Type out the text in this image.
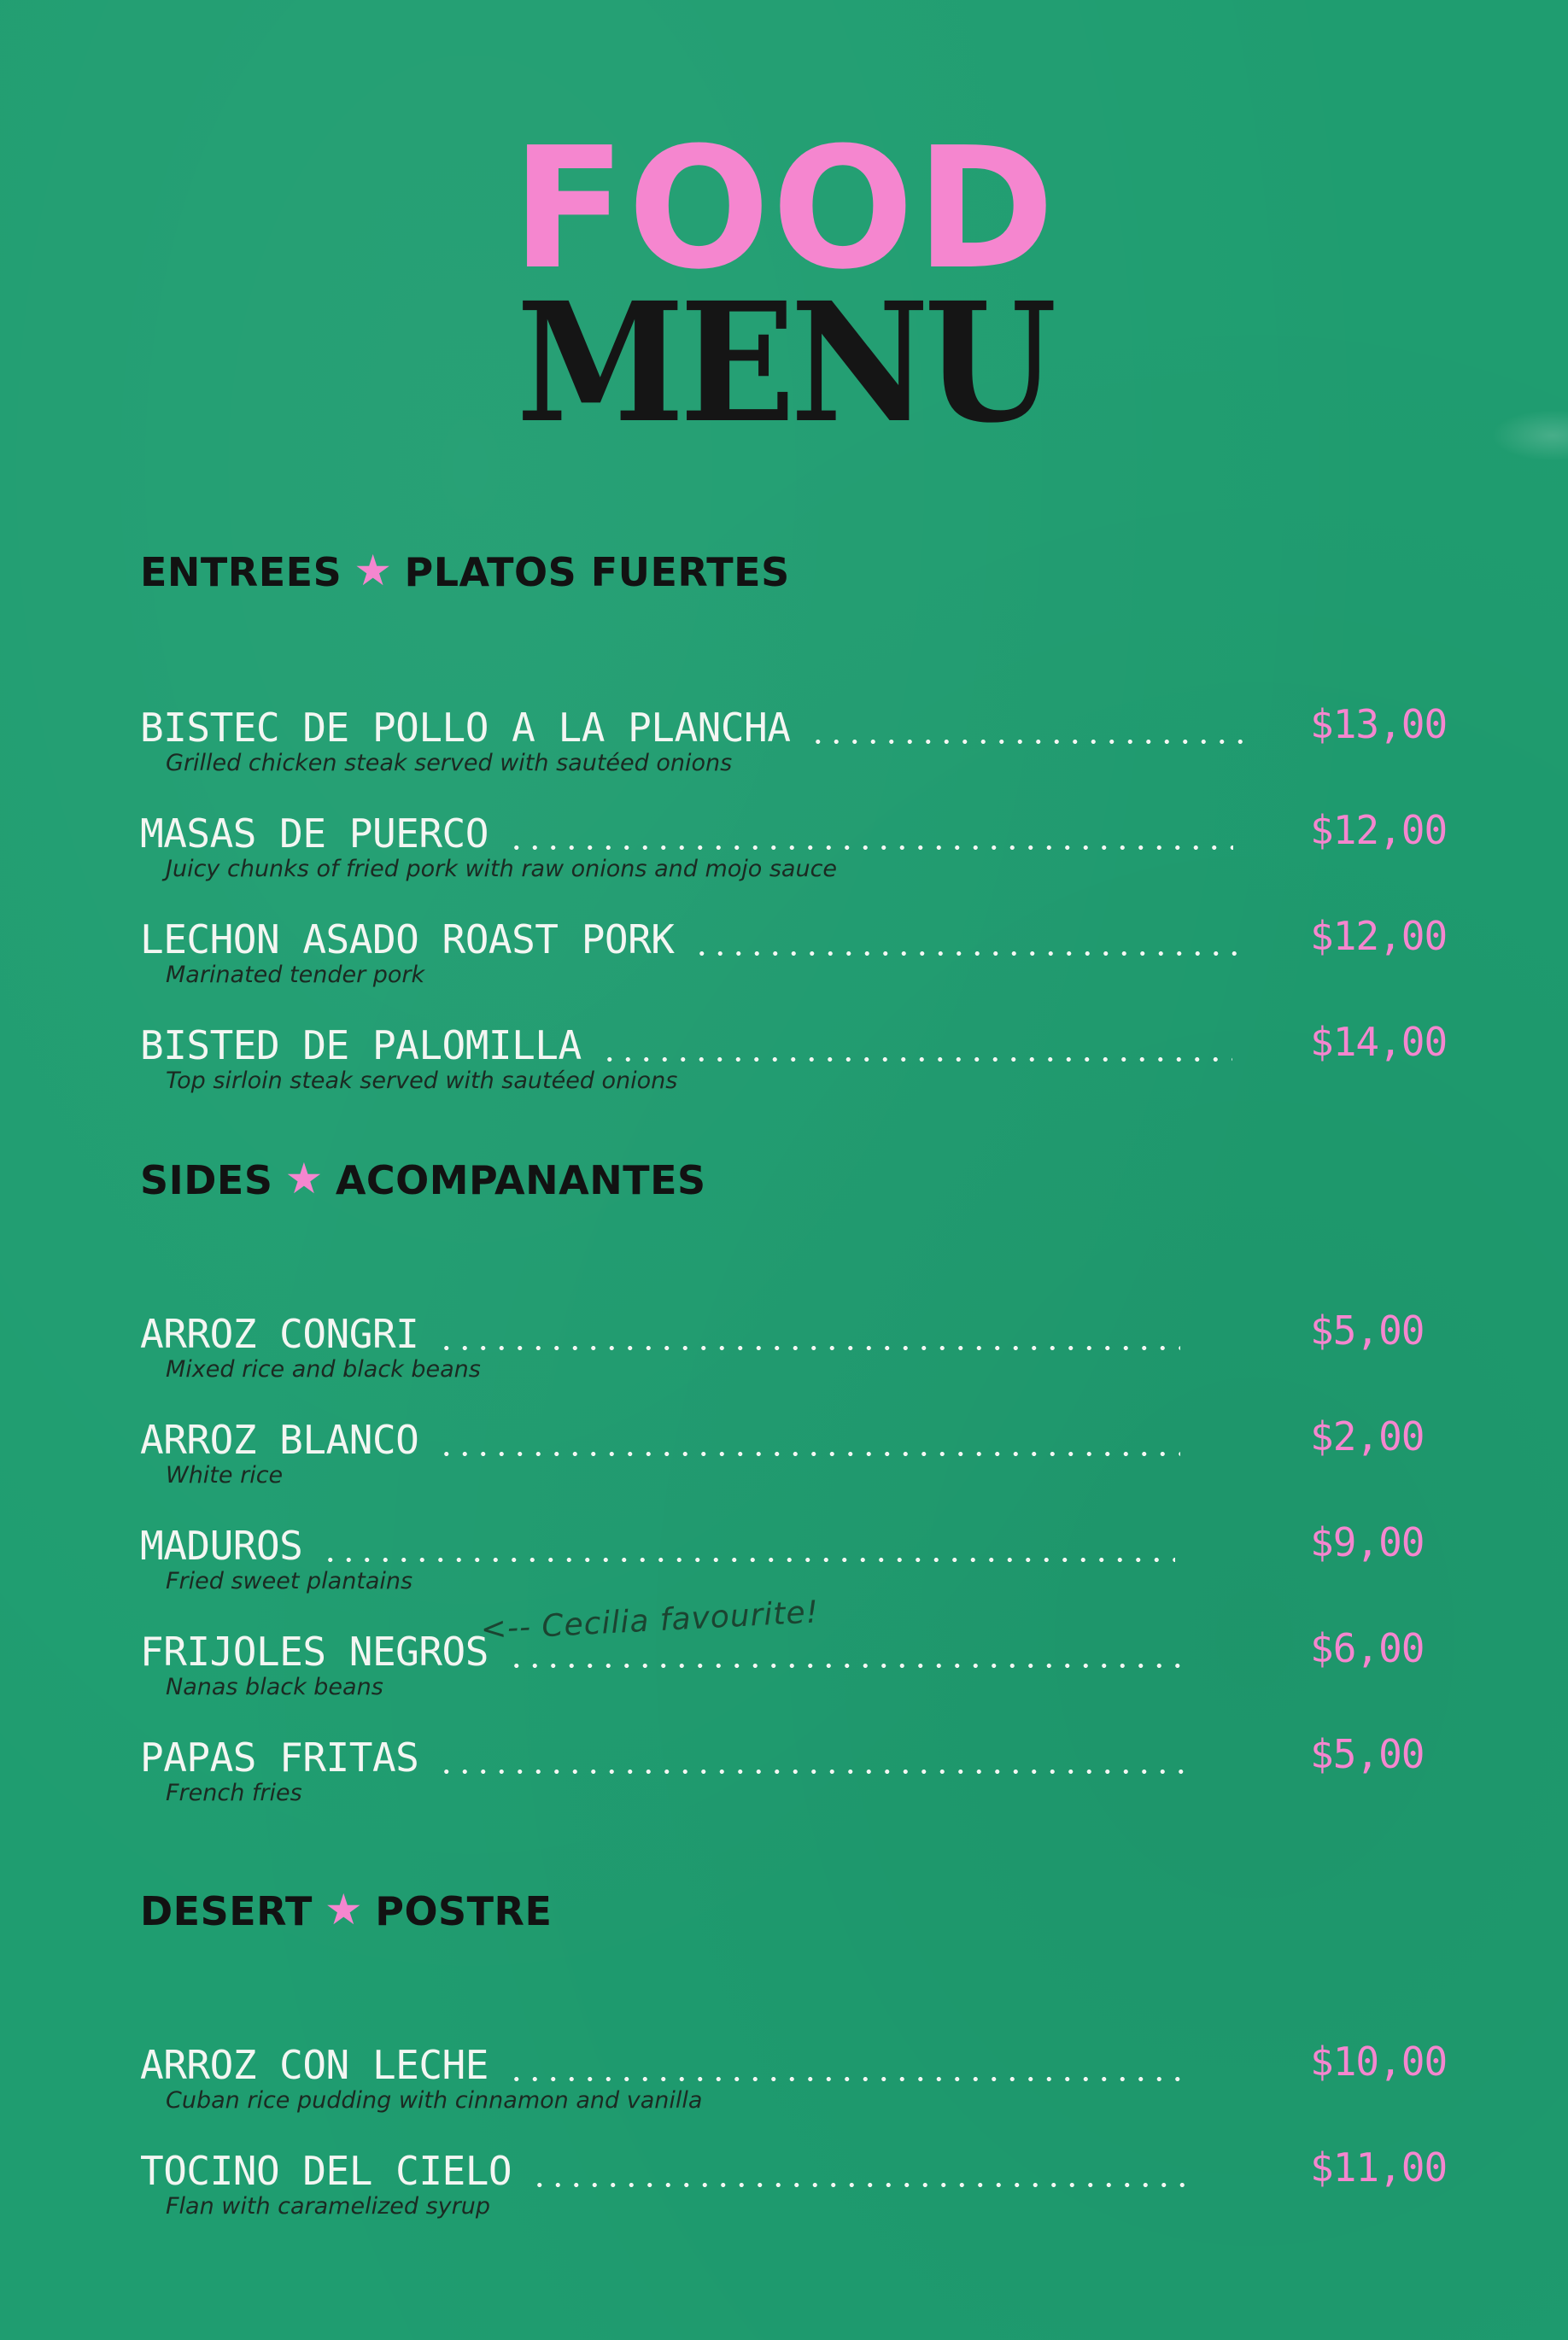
FOOD
MENU
ENTREES ★ PLATOS FUERTES
BISTEC DE POLLO A LA PLANCHA	$13,00
Grilled chicken steak served with sautéed onions
MASAS DE PUERCO	$12,00
Juicy chunks of fried pork with raw onions and mojo sauce
LECHON ASADO ROAST PORK	$12,00
Marinated tender pork
BISTED DE PALOMILLA	$14,00
Top sirloin steak served with sautéed onions
SIDES ★ ACOMPANANTES
ARROZ CONGRI	$5,00
Mixed rice and black beans
ARROZ BLANCO	$2,00
White rice
MADUROS	$9,00
Fried sweet plantains
FRIJOLES NEGROS	$6,00
Nanas black beans
<-- Cecilia favourite!
PAPAS FRITAS	$5,00
French fries
DESERT ★ POSTRE
ARROZ CON LECHE	$10,00
Cuban rice pudding with cinnamon and vanilla
TOCINO DEL CIELO	$11,00
Flan with caramelized syrup
